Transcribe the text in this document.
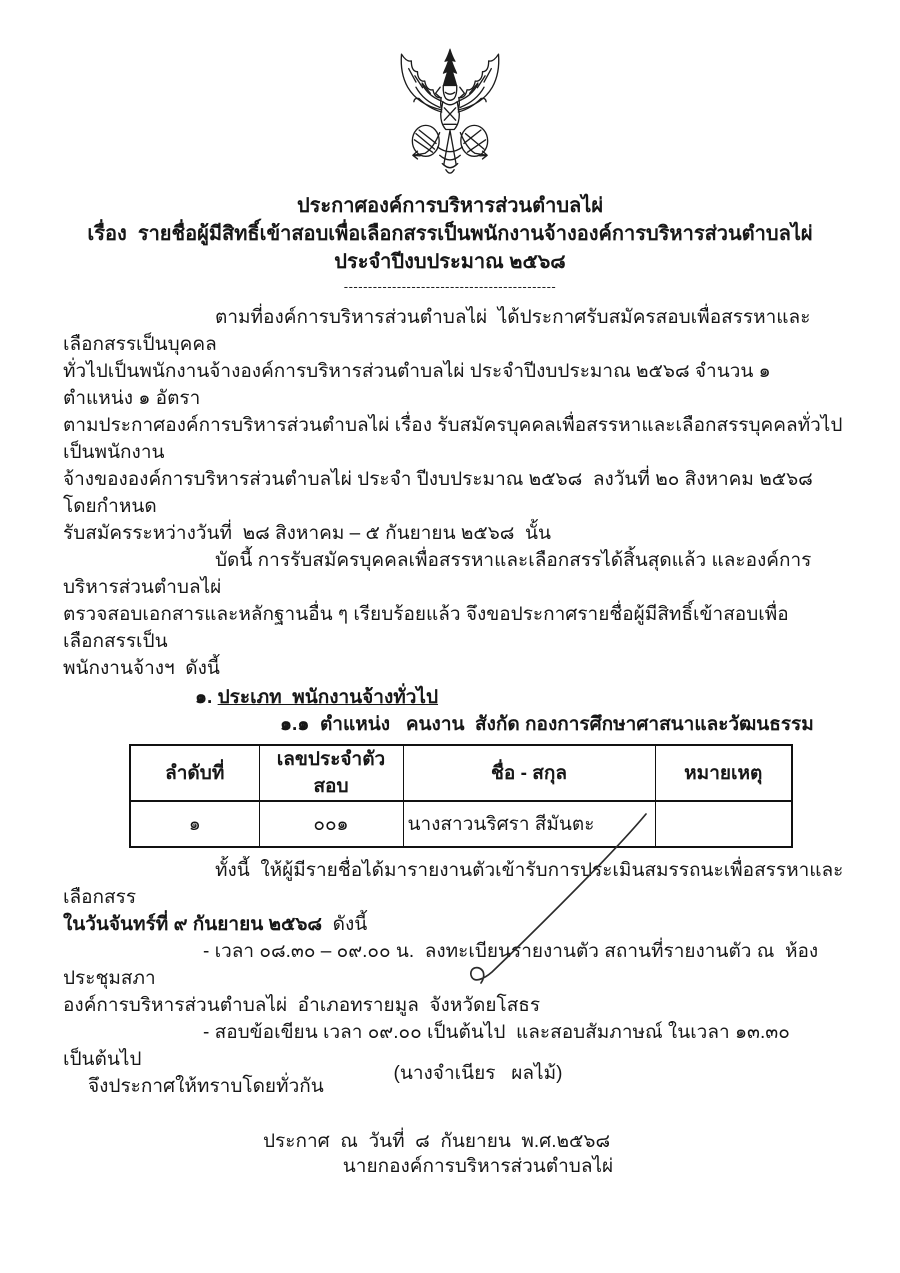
ประกาศองค์การบริหารส่วนตำบลไผ่
เรื่อง  รายชื่อผู้มีสิทธิ์เข้าสอบเพื่อเลือกสรรเป็นพนักงานจ้างองค์การบริหารส่วนตำบลไผ่
ประจำปีงบประมาณ ๒๕๖๘
--------------------------------------------
ตามที่องค์การบริหารส่วนตำบลไผ่  ได้ประกาศรับสมัครสอบเพื่อสรรหาและเลือกสรรเป็นบุคคล
ทั่วไปเป็นพนักงานจ้างองค์การบริหารส่วนตำบลไผ่ ประจำปีงบประมาณ ๒๕๖๘ จำนวน ๑ ตำแหน่ง ๑ อัตรา
ตามประกาศองค์การบริหารส่วนตำบลไผ่ เรื่อง รับสมัครบุคคลเพื่อสรรหาและเลือกสรรบุคคลทั่วไปเป็นพนักงาน
จ้างขององค์การบริหารส่วนตำบลไผ่ ประจำ ปีงบประมาณ ๒๕๖๘  ลงวันที่ ๒๐ สิงหาคม ๒๕๖๘  โดยกำหนด
รับสมัครระหว่างวันที่  ๒๘ สิงหาคม – ๕ กันยายน ๒๕๖๘  นั้น
บัดนี้ การรับสมัครบุคคลเพื่อสรรหาและเลือกสรรได้สิ้นสุดแล้ว และองค์การบริหารส่วนตำบลไผ่
ตรวจสอบเอกสารและหลักฐานอื่น ๆ เรียบร้อยแล้ว จึงขอประกาศรายชื่อผู้มีสิทธิ์เข้าสอบเพื่อเลือกสรรเป็น
พนักงานจ้างฯ  ดังนี้
๑. ประเภท  พนักงานจ้างทั่วไป
๑.๑  ตำแหน่ง   คนงาน  สังกัด กองการศึกษาศาสนาและวัฒนธรรม
ลำดับที่	เลขประจำตัวสอบ	ชื่อ - สกุล	หมายเหตุ
๑	๐๐๑	นางสาวนริศรา สีมันตะ	
ทั้งนี้  ให้ผู้มีรายชื่อได้มารายงานตัวเข้ารับการประเมินสมรรถนะเพื่อสรรหาและเลือกสรร
ในวันจันทร์ที่ ๙ กันยายน ๒๕๖๘  ดังนี้
- เวลา ๐๘.๓๐ – ๐๙.๐๐ น.  ลงทะเบียนรายงานตัว สถานที่รายงานตัว ณ  ห้องประชุมสภา
องค์การบริหารส่วนตำบลไผ่  อำเภอทรายมูล  จังหวัดยโสธร
- สอบข้อเขียน เวลา ๐๙.๐๐ เป็นต้นไป  และสอบสัมภาษณ์ ในเวลา ๑๓.๓๐  เป็นต้นไป
จึงประกาศให้ทราบโดยทั่วกัน
ประกาศ  ณ  วันที่  ๘  กันยายน  พ.ศ.๒๕๖๘

(นางจำเนียร   ผลไม้)

นายกองค์การบริหารส่วนตำบลไผ่
